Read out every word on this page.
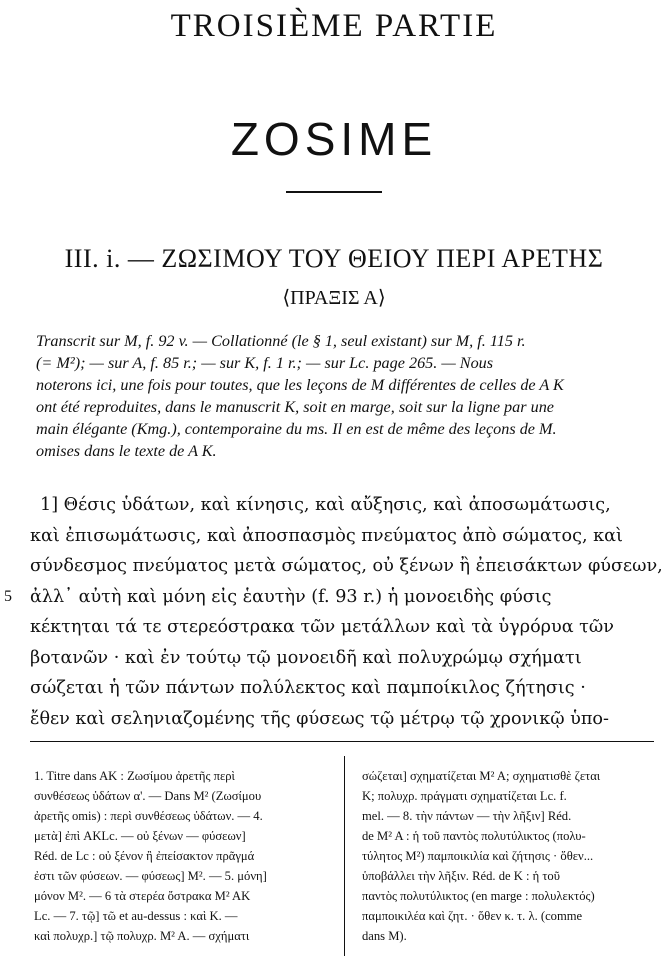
TROISIÈME PARTIE
ZOSIME
III. i. — ΖΩΣΙΜΟΥ ΤΟΥ ΘΕΙΟΥ ΠΕΡΙ ΑΡΕΤΗΣ
⟨ΠΡΑΞΙΣ Α⟩
Transcrit sur M, f. 92 v. — Collationné (le § 1, seul existant) sur M, f. 115 r.
(= M²); — sur A, f. 85 r.; — sur K, f. 1 r.; — sur Lc. page 265. — Nous
noterons ici, une fois pour toutes, que les leçons de M différentes de celles de A K
ont été reproduites, dans le manuscrit K, soit en marge, soit sur la ligne par une
main élégante (Kmg.), contemporaine du ms. Il en est de même des leçons de M.
omises dans le texte de A K.
1] Θέσις ὑδάτων, καὶ κίνησις, καὶ αὔξησις, καὶ ἀποσωμάτωσις,
καὶ ἐπισωμάτωσις, καὶ ἀποσπασμὸς πνεύματος ἀπὸ σώματος, καὶ
σύνδεσμος πνεύματος μετὰ σώματος, οὐ ξένων ἢ ἐπεισάκτων φύσεων,
5 ἀλλ᾽ αὐτὴ καὶ μόνη εἰς ἑαυτὴν (f. 93 r.) ἡ μονοειδὴς φύσις
κέκτηται τά τε στερεόστρακα τῶν μετάλλων καὶ τὰ ὑγρόρυα τῶν
βοτανῶν · καὶ ἐν τούτῳ τῷ μονοειδῆ καὶ πολυχρώμῳ σχήματι
σώζεται ἡ τῶν πάντων πολύλεκτος καὶ παμποίκιλος ζήτησις ·
ἔθεν καὶ σεληνιαζομένης τῆς φύσεως τῷ μέτρῳ τῷ χρονικῷ ὑπο-
1. Titre dans AK : Ζωσίμου ἀρετῆς περὶ
συνθέσεως ὑδάτων α'. — Dans M² (Ζωσίμου
ἀρετῆς omis) : περὶ συνθέσεως ὑδάτων. — 4.
μετὰ] ἐπὶ AKLc. — οὐ ξένων — φύσεων]
Réd. de Lc : οὐ ξένον ἢ ἐπείσακτον πρᾶγμά
ἐστι τῶν φύσεων. — φύσεως] M². — 5. μόνη]
μόνον M². — 6 τὰ στερέα ὄστρακα M² AK
Lc. — 7. τῷ] τῶ et au-dessus : καὶ K. —
καὶ πολυχρ.] τῷ πολυχρ. M² A. — σχήματι
σώζεται] σχηματίζεται M² A; σχηματισθὲ ζεται
K; πολυχρ. πράγματι σχηματίζεται Lc. f.
mel. — 8. τὴν πάντων — τὴν λῆξιν] Réd.
de M² A : ἡ τοῦ παντὸς πολυτύλικτος (πολυ-
τύλητος M²) παμποικιλία καὶ ζήτησις · ὅθεν...
ὑποβάλλει τὴν λῆξιν. Réd. de K : ἡ τοῦ
παντὸς πολυτύλικτος (en marge : πολυλεκτός)
παμποικιλέα καὶ ζητ. · ὅθεν κ. τ. λ. (comme
dans M).
